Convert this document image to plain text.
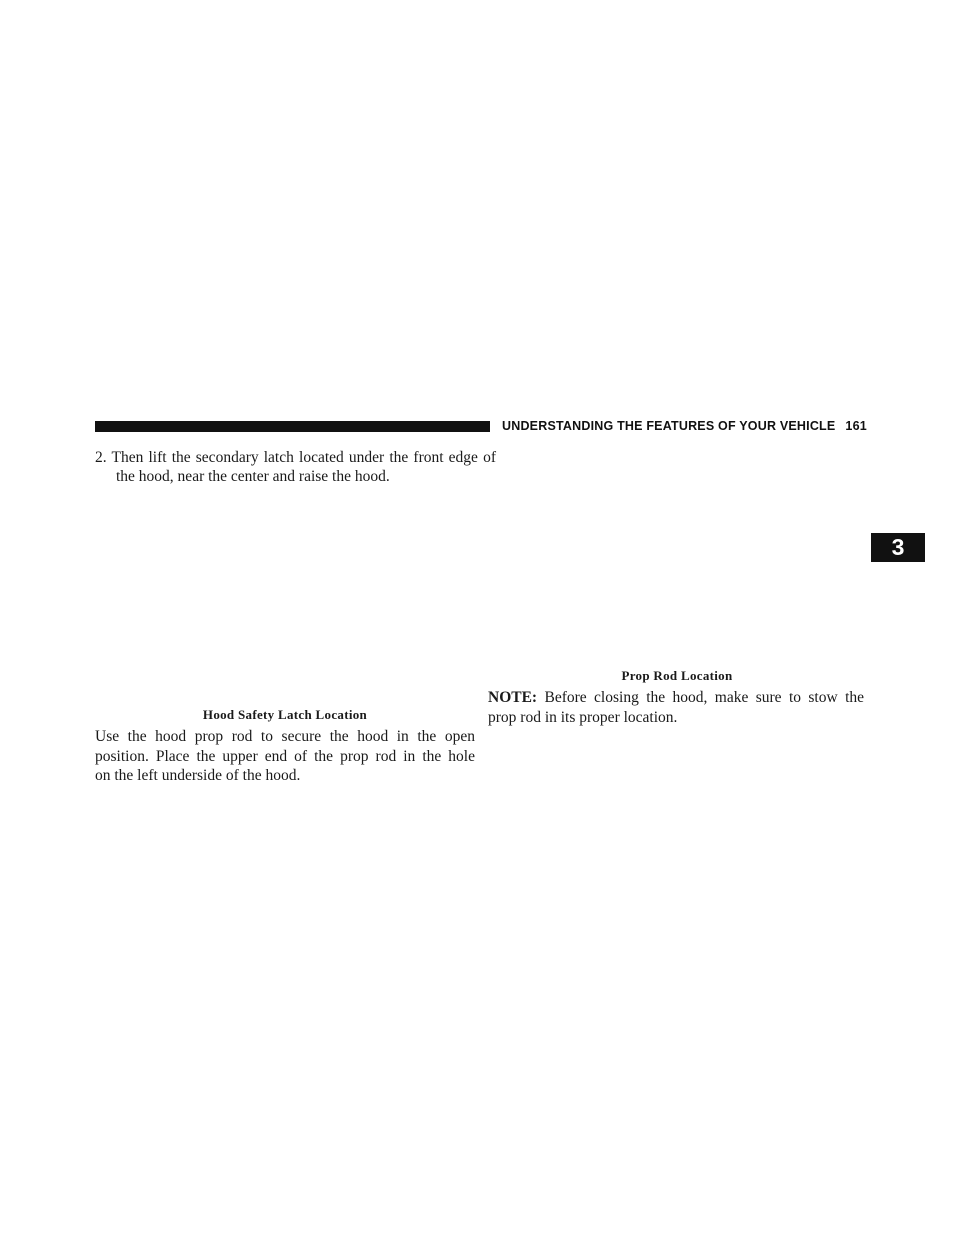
UNDERSTANDING THE FEATURES OF YOUR VEHICLE 161
3
2. Then lift the secondary latch located under the front edge of the hood, near the center and raise the hood.
Hood Safety Latch Location
Use the hood prop rod to secure the hood in the open
position. Place the upper end of the prop rod in the hole
on the left underside of the hood.
Prop Rod Location
NOTE: Before closing the hood, make sure to stow the
prop rod in its proper location.
